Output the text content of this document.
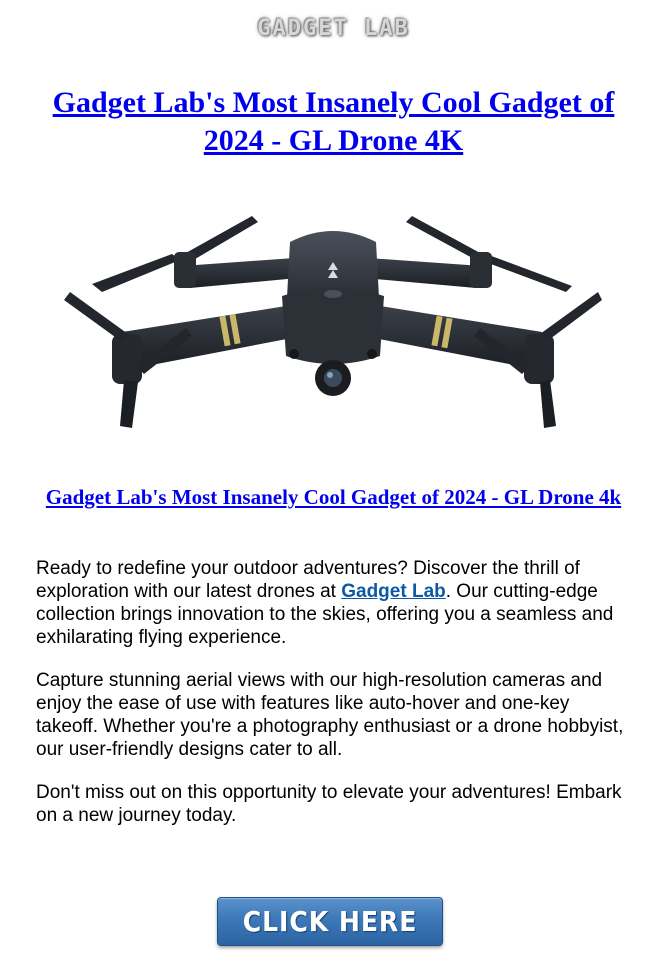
GADGET LAB
Gadget Lab's Most Insanely Cool Gadget of 2024 - GL Drone 4K
Gadget Lab's Most Insanely Cool Gadget of 2024 - GL Drone 4k

Ready to redefine your outdoor adventures? Discover the thrill of exploration with our latest drones at Gadget Lab. Our cutting-edge collection brings innovation to the skies, offering you a seamless and exhilarating flying experience.

Capture stunning aerial views with our high-resolution cameras and enjoy the ease of use with features like auto-hover and one-key takeoff. Whether you're a photography enthusiast or a drone hobbyist, our user-friendly designs cater to all.

Don't miss out on this opportunity to elevate your adventures! Embark on a new journey today.

CLICK HERE
